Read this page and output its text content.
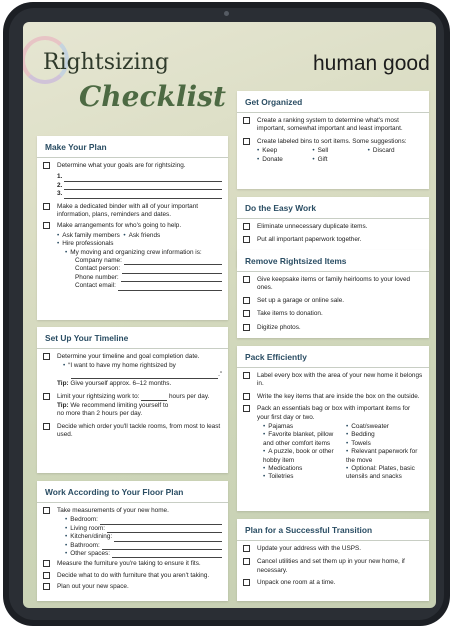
Rightsizing
Checklist
human good
Make Your Plan
Determine what your goals are for rightsizing.
1.
2.
3.
Make a dedicated binder with all of your important information, plans, reminders and dates.
Make arrangements for who's going to help.
• Ask family members • Ask friends
• Hire professionals
• My moving and organizing crew information is:
Company name:
Contact person:
Phone number:
Contact email:
Set Up Your Timeline
Determine your timeline and goal completion date.
• “I want to have my home rightsized by
.”
Tip: Give yourself approx. 6–12 months.
Limit your rightsizing work to:	hours per day.
Tip: We recommend limiting yourself to no more than 2 hours per day.
Decide which order you'll tackle rooms, from most to least used.
Work According to Your Floor Plan
Take measurements of your new home.
• Bedroom:
• Living room:
• Kitchen/dining:
• Bathroom:
• Other spaces:
Measure the furniture you're taking to ensure it fits.
Decide what to do with furniture that you aren't taking.
Plan out your new space.
Get Organized
Create a ranking system to determine what's most important, somewhat important and least important.
Create labeled bins to sort items. Some suggestions:
• Keep	• Sell	• Discard
• Donate	• Gift
Do the Easy Work
Eliminate unnecessary duplicate items.
Put all important paperwork together.
Remove Rightsized Items
Give keepsake items or family heirlooms to your loved ones.
Set up a garage or online sale.
Take items to donation.
Digitize photos.
Pack Efficiently
Label every box with the area of your new home it belongs in.
Write the key items that are inside the box on the outside.
Pack an essentials bag or box with important items for your first day or two.
• Pajamas
• Favorite blanket, pillow and other comfort items
• A puzzle, book or other hobby item
• Medications
• Toiletries
• Coat/sweater
• Bedding
• Towels
• Relevant paperwork for the move
• Optional: Plates, basic utensils and snacks
Plan for a Successful Transition
Update your address with the USPS.
Cancel utilities and set them up in your new home, if necessary.
Unpack one room at a time.
